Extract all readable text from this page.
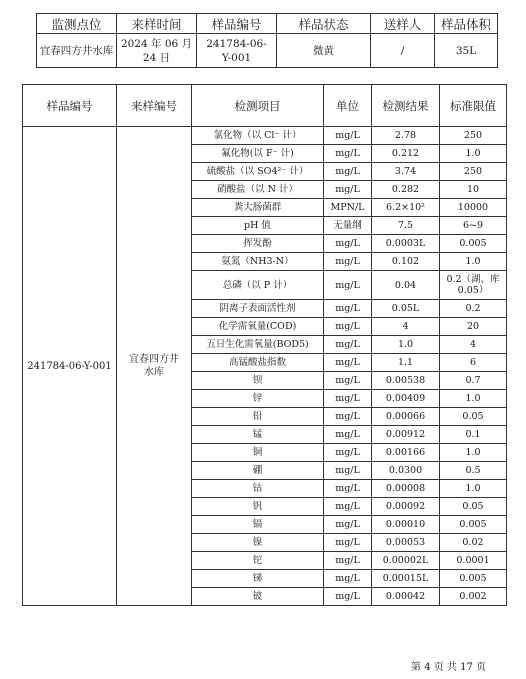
监测点位	来样时间	样品编号	样品状态	送样人	样品体积
宜春四方井水库	2024 年 06 月 24 日	241784-06-Y-001	微黄	/	35L
样品编号	来样编号	检测项目	单位	检测结果	标准限值
241784-06-Y-001	宜春四方井水库	氯化物（以 Cl⁻ 计）	mg/L	2.78	250
		氟化物(以 F⁻ 计)	mg/L	0.212	1.0
		硫酸盐（以 SO4²⁻ 计）	mg/L	3.74	250
		硝酸盐（以 N 计）	mg/L	0.282	10
		粪大肠菌群	MPN/L	6.2×10²	10000
		pH 值	无量纲	7.5	6~9
		挥发酚	mg/L	0.0003L	0.005
		氨氮（NH3-N）	mg/L	0.102	1.0
		总磷（以 P 计）	mg/L	0.04	0.2（湖、库 0.05）
		阴离子表面活性剂	mg/L	0.05L	0.2
		化学需氧量(COD)	mg/L	4	20
		五日生化需氧量(BOD5)	mg/L	1.0	4
		高锰酸盐指数	mg/L	1.1	6
		钡	mg/L	0.00538	0.7
		锌	mg/L	0.00409	1.0
		铅	mg/L	0.00066	0.05
		锰	mg/L	0.00912	0.1
		铜	mg/L	0.00166	1.0
		硼	mg/L	0.0300	0.5
		钴	mg/L	0.00008	1.0
		钒	mg/L	0.00092	0.05
		镉	mg/L	0.00010	0.005
		镍	mg/L	0.00053	0.02
		铊	mg/L	0.00002L	0.0001
		锑	mg/L	0.00015L	0.005
		铍	mg/L	0.00042	0.002
第 4 页 共 17 页
